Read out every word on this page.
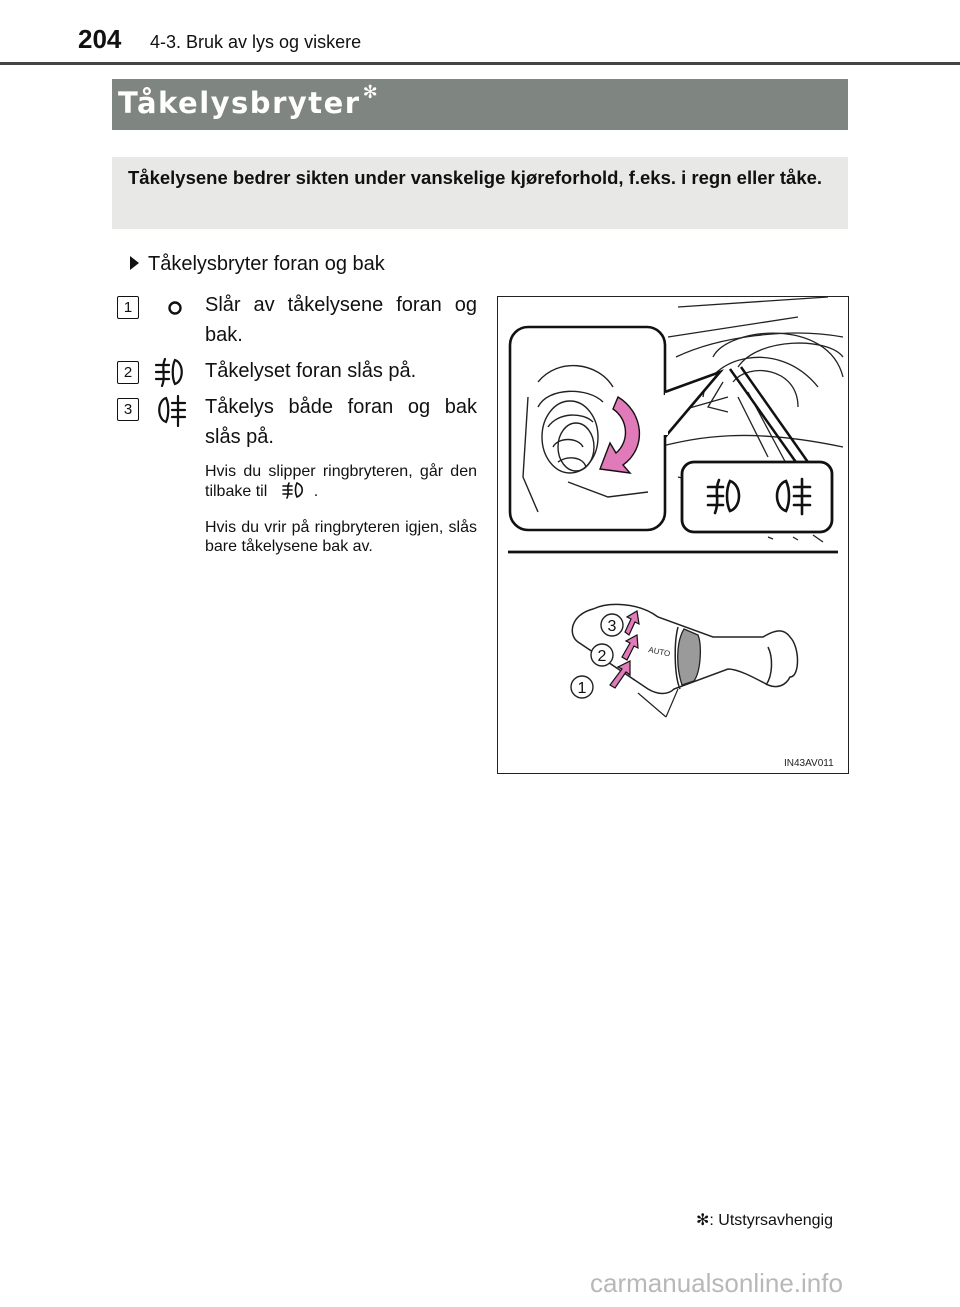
204 4-3. Bruk av lys og viskere
Tåkelysbryter ✻
Tåkelysene bedrer sikten under vanskelige kjøreforhold, f.eks. i regn eller tåke.
Tåkelysbryter foran og bak
1	Slår av tåkelysene foran og bak.
2	Tåkelyset foran slås på.
3	Tåkelys både foran og bak slås på.
Hvis du slipper ringbryteren, går den tilbake til	.
Hvis du vrir på ringbryteren igjen, slås bare tåkelysene bak av.
AUTO
1
2
3
IN43AV011
✻: Utstyrsavhengig
carmanualsonline.info
